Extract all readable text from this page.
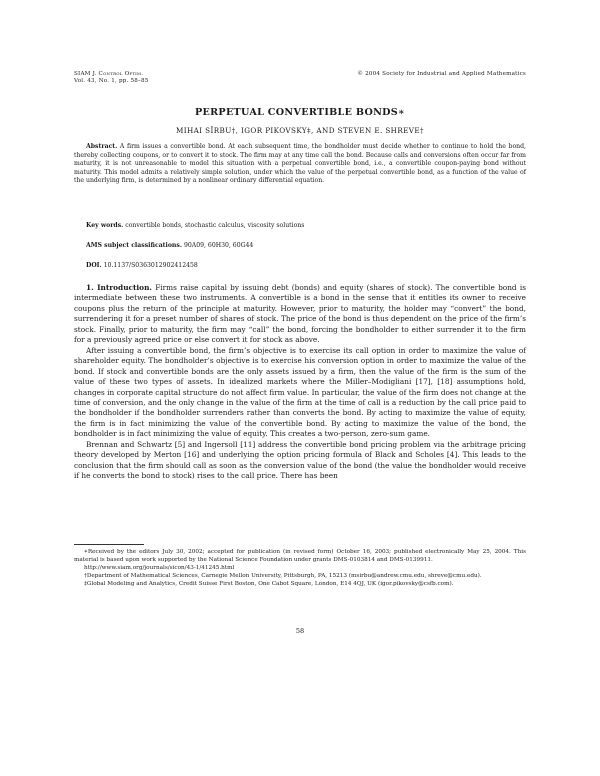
SIAM J. Control Optim.
Vol. 43, No. 1, pp. 58–85
© 2004 Society for Industrial and Applied Mathematics
PERPETUAL CONVERTIBLE BONDS∗
MIHAI SÎRBU†, IGOR PIKOVSKY‡, AND STEVEN E. SHREVE†
Abstract. A firm issues a convertible bond. At each subsequent time, the bondholder must decide whether to continue to hold the bond, thereby collecting coupons, or to convert it to stock. The firm may at any time call the bond. Because calls and conversions often occur far from maturity, it is not unreasonable to model this situation with a perpetual convertible bond, i.e., a convertible coupon-paying bond without maturity. This model admits a relatively simple solution, under which the value of the perpetual convertible bond, as a function of the value of the underlying firm, is determined by a nonlinear ordinary differential equation.
Key words. convertible bonds, stochastic calculus, viscosity solutions
AMS subject classifications. 90A09, 60H30, 60G44
DOI. 10.1137/S0363012902412458

1. Introduction. Firms raise capital by issuing debt (bonds) and equity (shares of stock). The convertible bond is intermediate between these two instruments. A convertible is a bond in the sense that it entitles its owner to receive coupons plus the return of the principle at maturity. However, prior to maturity, the holder may “convert” the bond, surrendering it for a preset number of shares of stock. The price of the bond is thus dependent on the price of the firm’s stock. Finally, prior to maturity, the firm may “call” the bond, forcing the bondholder to either surrender it to the firm for a previously agreed price or else convert it for stock as above.

After issuing a convertible bond, the firm’s objective is to exercise its call option in order to maximize the value of shareholder equity. The bondholder’s objective is to exercise his conversion option in order to maximize the value of the bond. If stock and convertible bonds are the only assets issued by a firm, then the value of the firm is the sum of the value of these two types of assets. In idealized markets where the Miller–Modigliani [17], [18] assumptions hold, changes in corporate capital structure do not affect firm value. In particular, the value of the firm does not change at the time of conversion, and the only change in the value of the firm at the time of call is a reduction by the call price paid to the bondholder if the bondholder surrenders rather than converts the bond. By acting to maximize the value of equity, the firm is in fact minimizing the value of the convertible bond. By acting to maximize the value of the bond, the bondholder is in fact minimizing the value of equity. This creates a two-person, zero-sum game.

Brennan and Schwartz [5] and Ingersoll [11] address the convertible bond pricing problem via the arbitrage pricing theory developed by Merton [16] and underlying the option pricing formula of Black and Scholes [4]. This leads to the conclusion that the firm should call as soon as the conversion value of the bond (the value the bondholder would receive if he converts the bond to stock) rises to the call price. There has been

∗Received by the editors July 30, 2002; accepted for publication (in revised form) October 16, 2003; published electronically May 25, 2004. This material is based upon work supported by the National Science Foundation under grants DMS-0103814 and DMS-0139911.

http://www.siam.org/journals/sicon/43-1/41245.html

†Department of Mathematical Sciences, Carnegie Mellon University, Pittsburgh, PA, 15213 (msirbu@andrew.cmu.edu, shreve@cmu.edu).

‡Global Modeling and Analytics, Credit Suisse First Boston, One Cabot Square, London, E14 4QJ, UK (igor.pikovsky@csfb.com).

58
